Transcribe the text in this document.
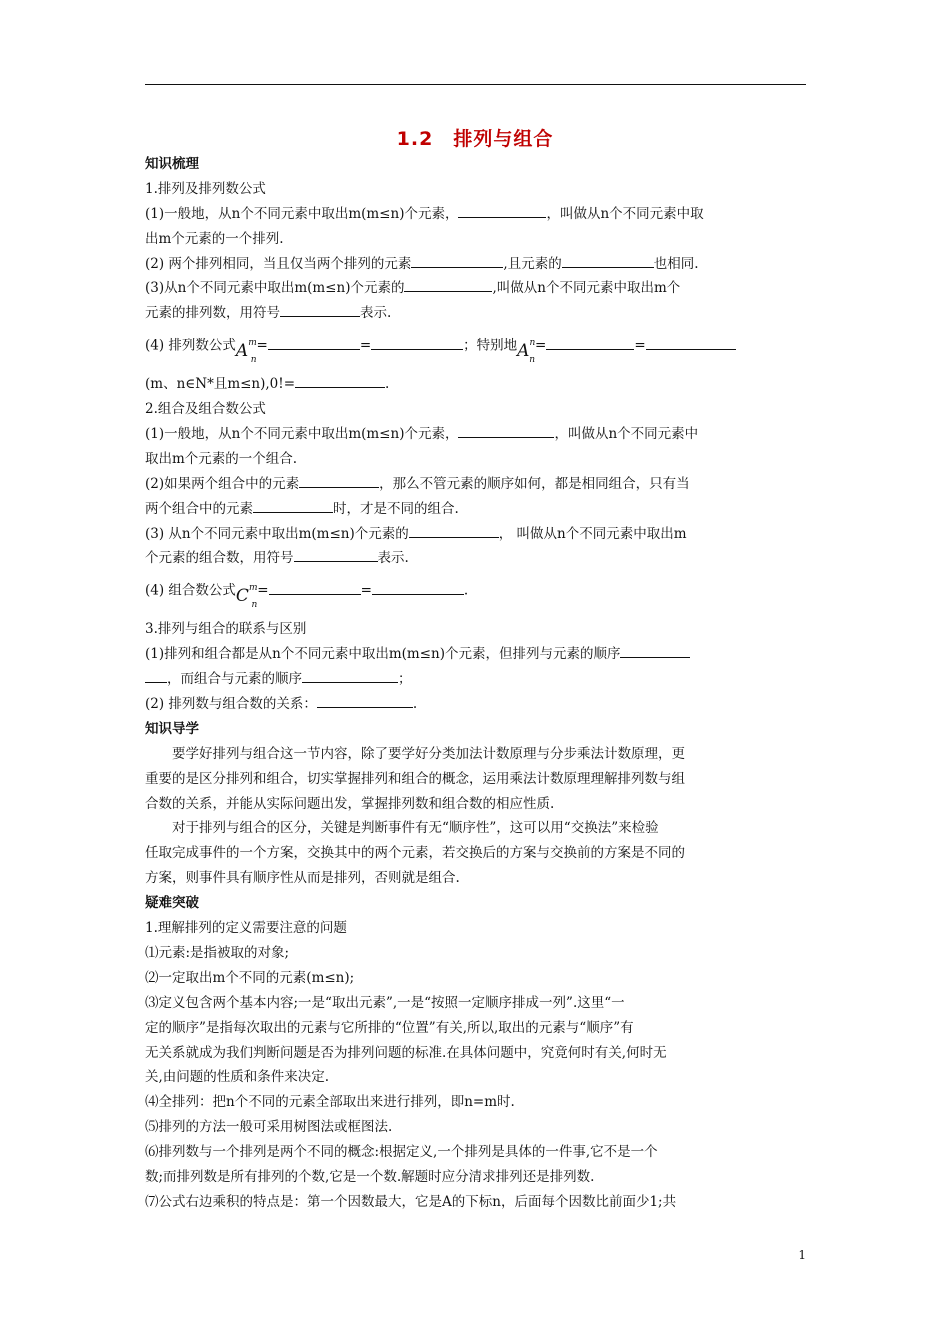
1.2　排列与组合
知识梳理
1.排列及排列数公式
(1)一般地，从n个不同元素中取出m(m≤n)个元素，	，叫做从n个不同元素中取
出m个元素的一个排列.
(2) 两个排列相同，当且仅当两个排列的元素	,且元素的	也相同.
(3)从n个不同元素中取出m(m≤n)个元素的	,叫做从n个不同元素中取出m个
元素的排列数，用符号	表示.
(4) 排列数公式$A^m_n=$	=	；特别地$A^n_n=$	=
(m、n∈N*且m≤n),0!=	.
2.组合及组合数公式
(1)一般地，从n个不同元素中取出m(m≤n)个元素，	，叫做从n个不同元素中
取出m个元素的一个组合.
(2)如果两个组合中的元素	，那么不管元素的顺序如何，都是相同组合，只有当
两个组合中的元素	时，才是不同的组合.
(3) 从n个不同元素中取出m(m≤n)个元素的	， 叫做从n个不同元素中取出m
个元素的组合数，用符号	表示.
(4) 组合数公式$C^m_n=$	=	.
3.排列与组合的联系与区别
(1)排列和组合都是从n个不同元素中取出m(m≤n)个元素，但排列与元素的顺序
，而组合与元素的顺序	；
(2) 排列数与组合数的关系：	.
知识导学
要学好排列与组合这一节内容，除了要学好分类加法计数原理与分步乘法计数原理，更
重要的是区分排列和组合，切实掌握排列和组合的概念，运用乘法计数原理理解排列数与组
合数的关系，并能从实际问题出发，掌握排列数和组合数的相应性质.
对于排列与组合的区分，关键是判断事件有无“顺序性”，这可以用“交换法”来检验
任取完成事件的一个方案，交换其中的两个元素，若交换后的方案与交换前的方案是不同的
方案，则事件具有顺序性从而是排列，否则就是组合.
疑难突破
1.理解排列的定义需要注意的问题
⑴元素:是指被取的对象;
⑵一定取出m个不同的元素(m≤n);
⑶定义包含两个基本内容;一是“取出元素”,一是“按照一定顺序排成一列”.这里“一
定的顺序”是指每次取出的元素与它所排的“位置”有关,所以,取出的元素与“顺序”有
无关系就成为我们判断问题是否为排列问题的标准.在具体问题中，究竟何时有关,何时无
关,由问题的性质和条件来决定.
⑷全排列：把n个不同的元素全部取出来进行排列，即n=m时.
⑸排列的方法一般可采用树图法或框图法.
⑹排列数与一个排列是两个不同的概念:根据定义,一个排列是具体的一件事,它不是一个
数;而排列数是所有排列的个数,它是一个数.解题时应分清求排列还是排列数.
⑺公式右边乘积的特点是：第一个因数最大，它是A的下标n，后面每个因数比前面少1;共
1
